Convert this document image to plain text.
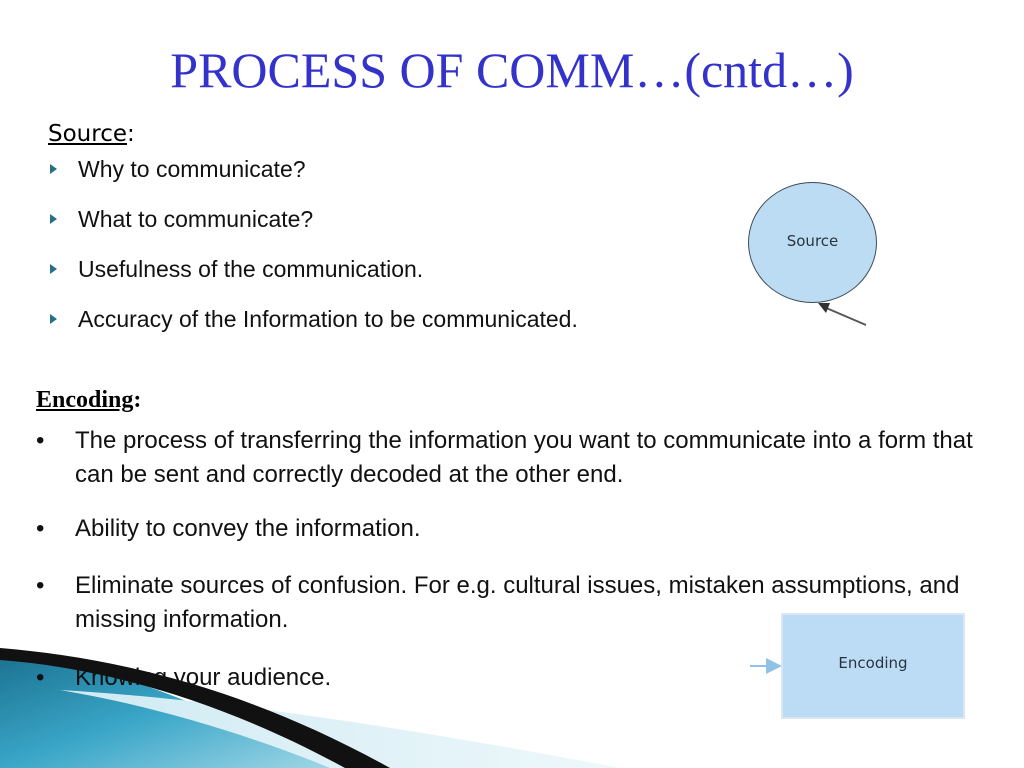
PROCESS OF COMM…(cntd…)
Source:
Why to communicate?
What to communicate?
Usefulness of the communication.
Accuracy of the Information to be communicated.
Encoding:
•	The process of transferring the information you want to communicate into a form that can be sent and correctly decoded at the other end.
•	Ability to convey the information.
•	Eliminate sources of confusion. For e.g. cultural issues, mistaken assumptions, and missing information.
•	Knowing your audience.
Source
Encoding
